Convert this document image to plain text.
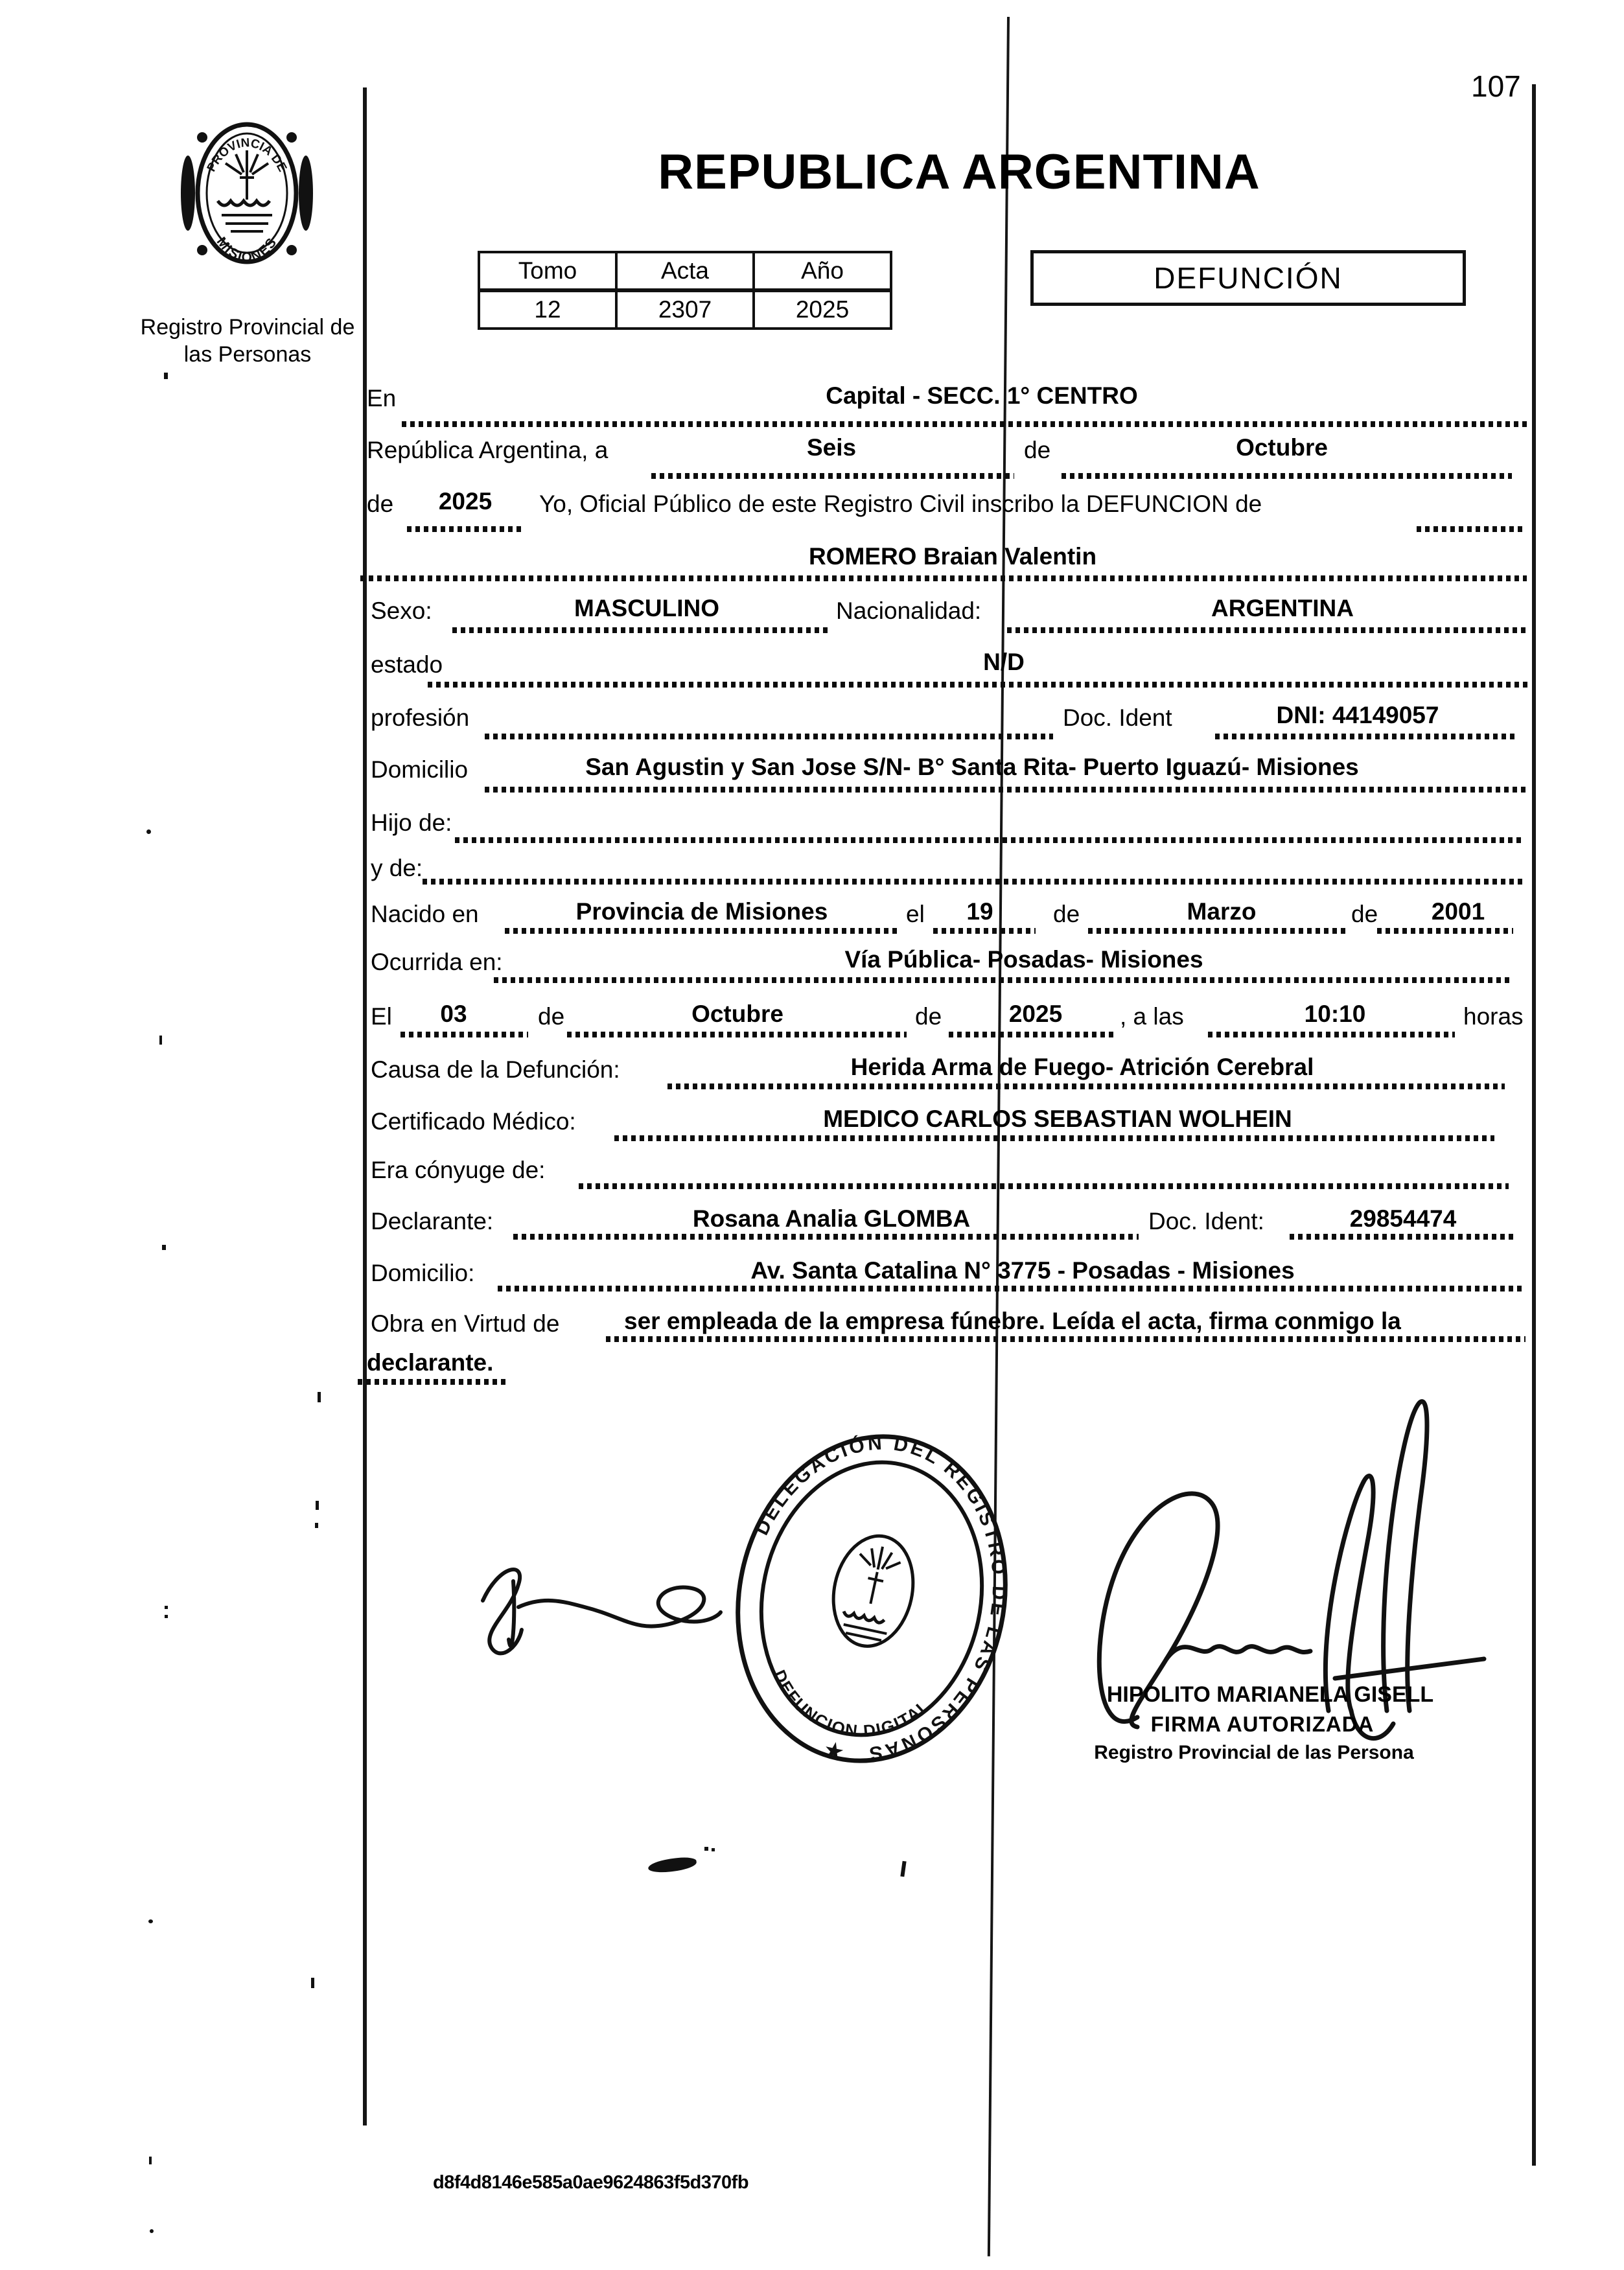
107
PROVINCIA DE
MISIONES
Registro Provincial de
las Personas
REPUBLICA ARGENTINA
Tomo	Acta	Año
12	2307	2025
DEFUNCIÓN
En	Capital - SECC. 1° CENTRO
República Argentina, a	Seis	de	Octubre
de 2025 Yo, Oficial Público de este Registro Civil inscribo la DEFUNCION de
ROMERO Braian Valentin
Sexo:	MASCULINO	Nacionalidad:	ARGENTINA
estado	N/D
profesión	Doc. Ident	DNI: 44149057
Domicilio	San Agustin y San Jose S/N- B° Santa Rita- Puerto Iguazú- Misiones
Hijo de:
y de:
Nacido en	Provincia de Misiones	el 19 de	Marzo	de 2001
Ocurrida en:	Vía Pública- Posadas- Misiones
El 03	de	Octubre	de	2025 , a las	10:10	horas
Causa de la Defunción:	Herida Arma de Fuego- Atrición Cerebral
Certificado Médico:	MEDICO CARLOS SEBASTIAN WOLHEIN
Era cónyuge de:
Declarante:	Rosana Analia GLOMBA	Doc. Ident:	29854474
Domicilio:	Av. Santa Catalina N° 3775 - Posadas - Misiones
Obra en Virtud de	ser empleada de la empresa fúnebre. Leída el acta, firma conmigo la
declarante.
DELEGACIÓN DEL REGISTRO DE LAS PERSONAS
DEFUNCION DIGITAL
★
HIPOLITO MARIANELA GISELL
FIRMA AUTORIZADA
Registro Provincial de las Persona
d8f4d8146e585a0ae9624863f5d370fb
